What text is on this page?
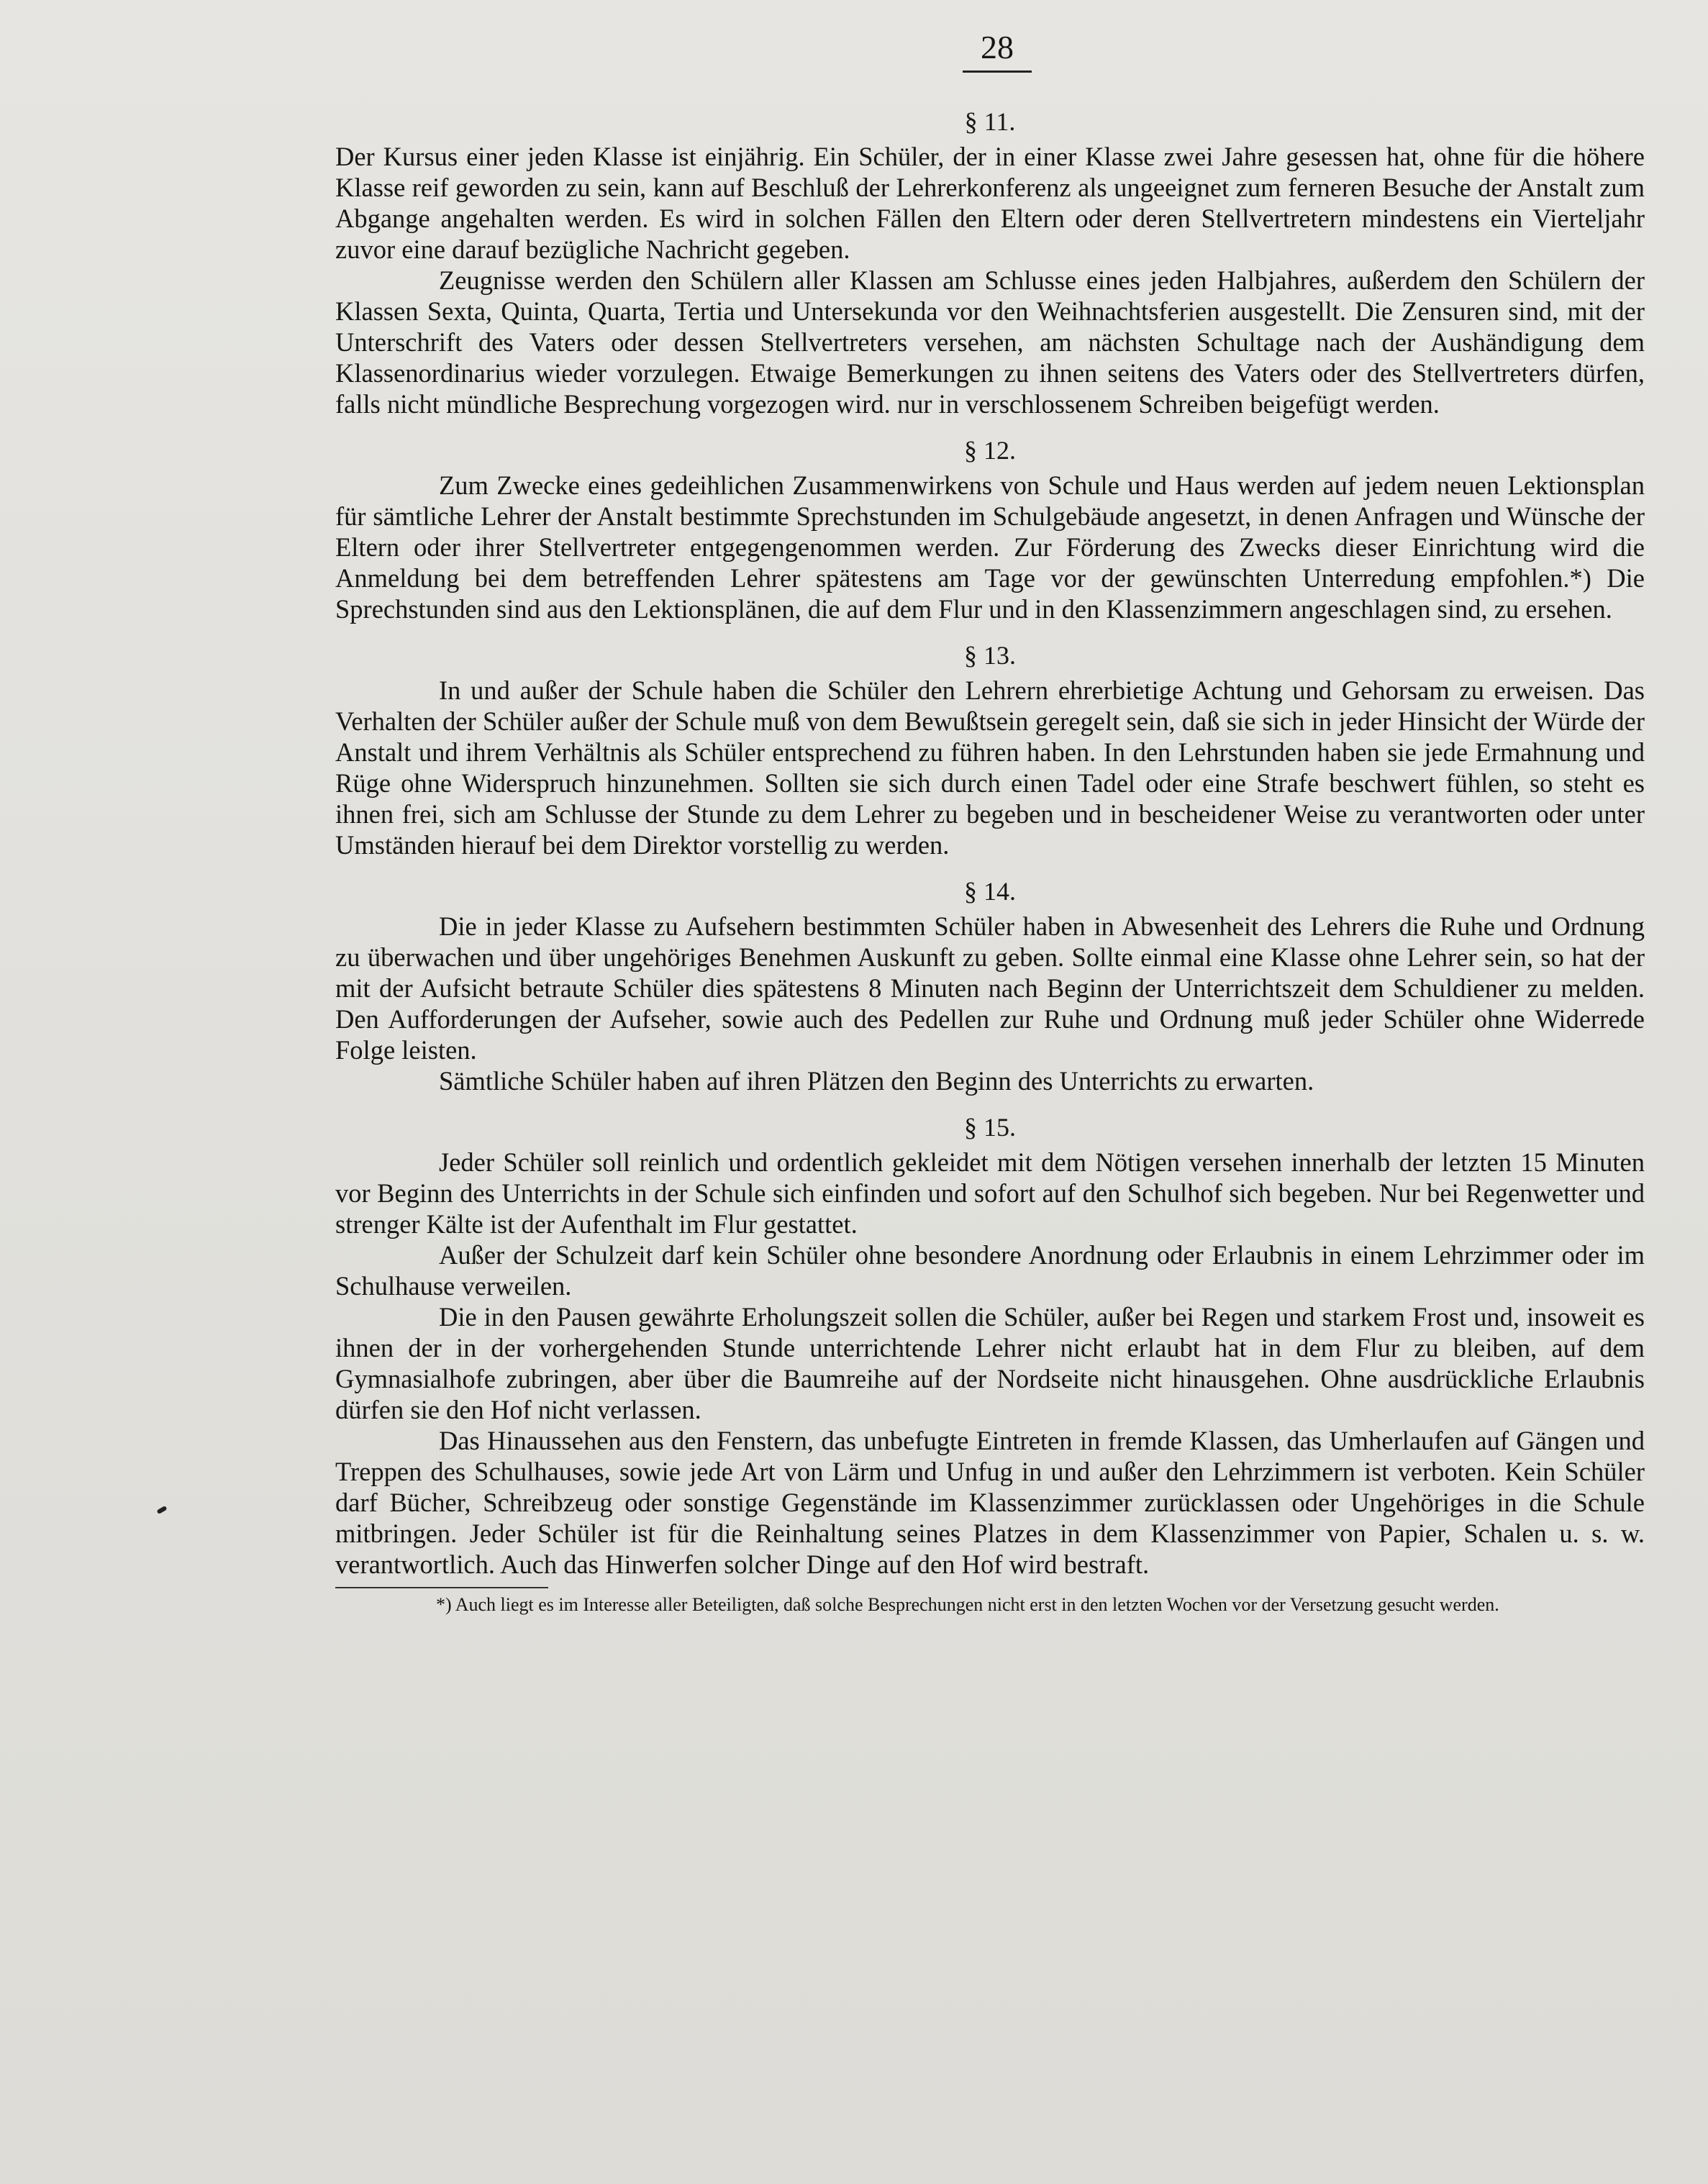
28
§ 11.

Der Kursus einer jeden Klasse ist einjährig. Ein Schüler, der in einer Klasse zwei Jahre gesessen hat, ohne für die höhere Klasse reif geworden zu sein, kann auf Beschluß der Lehrerkonferenz als ungeeignet zum ferneren Besuche der Anstalt zum Abgange angehalten werden. Es wird in solchen Fällen den Eltern oder deren Stellvertretern mindestens ein Vierteljahr zuvor eine darauf bezügliche Nachricht gegeben.

Zeugnisse werden den Schülern aller Klassen am Schlusse eines jeden Halbjahres, außerdem den Schülern der Klassen Sexta, Quinta, Quarta, Tertia und Untersekunda vor den Weihnachtsferien ausgestellt. Die Zensuren sind, mit der Unterschrift des Vaters oder dessen Stellvertreters versehen, am nächsten Schultage nach der Aushändigung dem Klassenordinarius wieder vorzulegen. Etwaige Bemerkungen zu ihnen seitens des Vaters oder des Stellvertreters dürfen, falls nicht mündliche Besprechung vorgezogen wird. nur in verschlossenem Schreiben beigefügt werden.

§ 12.

Zum Zwecke eines gedeihlichen Zusammenwirkens von Schule und Haus werden auf jedem neuen Lektionsplan für sämtliche Lehrer der Anstalt bestimmte Sprechstunden im Schulgebäude angesetzt, in denen Anfragen und Wünsche der Eltern oder ihrer Stellvertreter entgegengenommen werden. Zur Förderung des Zwecks dieser Einrichtung wird die Anmeldung bei dem betreffenden Lehrer spätestens am Tage vor der gewünschten Unterredung empfohlen.*) Die Sprechstunden sind aus den Lektionsplänen, die auf dem Flur und in den Klassenzimmern angeschlagen sind, zu ersehen.

§ 13.

In und außer der Schule haben die Schüler den Lehrern ehrerbietige Achtung und Gehorsam zu erweisen. Das Verhalten der Schüler außer der Schule muß von dem Bewußtsein geregelt sein, daß sie sich in jeder Hinsicht der Würde der Anstalt und ihrem Verhältnis als Schüler entsprechend zu führen haben. In den Lehrstunden haben sie jede Ermahnung und Rüge ohne Widerspruch hinzunehmen. Sollten sie sich durch einen Tadel oder eine Strafe beschwert fühlen, so steht es ihnen frei, sich am Schlusse der Stunde zu dem Lehrer zu begeben und in bescheidener Weise zu verantworten oder unter Umständen hierauf bei dem Direktor vorstellig zu werden.

§ 14.

Die in jeder Klasse zu Aufsehern bestimmten Schüler haben in Abwesenheit des Lehrers die Ruhe und Ordnung zu überwachen und über ungehöriges Benehmen Auskunft zu geben. Sollte einmal eine Klasse ohne Lehrer sein, so hat der mit der Aufsicht betraute Schüler dies spätestens 8 Minuten nach Beginn der Unterrichtszeit dem Schuldiener zu melden. Den Aufforderungen der Aufseher, sowie auch des Pedellen zur Ruhe und Ordnung muß jeder Schüler ohne Widerrede Folge leisten.

Sämtliche Schüler haben auf ihren Plätzen den Beginn des Unterrichts zu erwarten.

§ 15.

Jeder Schüler soll reinlich und ordentlich gekleidet mit dem Nötigen versehen innerhalb der letzten 15 Minuten vor Beginn des Unterrichts in der Schule sich einfinden und sofort auf den Schulhof sich begeben. Nur bei Regenwetter und strenger Kälte ist der Aufenthalt im Flur gestattet.

Außer der Schulzeit darf kein Schüler ohne besondere Anordnung oder Erlaubnis in einem Lehrzimmer oder im Schulhause verweilen.

Die in den Pausen gewährte Erholungszeit sollen die Schüler, außer bei Regen und starkem Frost und, insoweit es ihnen der in der vorhergehenden Stunde unterrichtende Lehrer nicht erlaubt hat in dem Flur zu bleiben, auf dem Gymnasialhofe zubringen, aber über die Baumreihe auf der Nordseite nicht hinausgehen. Ohne ausdrückliche Erlaubnis dürfen sie den Hof nicht verlassen.

Das Hinaussehen aus den Fenstern, das unbefugte Eintreten in fremde Klassen, das Umherlaufen auf Gängen und Treppen des Schulhauses, sowie jede Art von Lärm und Unfug in und außer den Lehrzimmern ist verboten. Kein Schüler darf Bücher, Schreibzeug oder sonstige Gegenstände im Klassenzimmer zurücklassen oder Ungehöriges in die Schule mitbringen. Jeder Schüler ist für die Reinhaltung seines Platzes in dem Klassenzimmer von Papier, Schalen u. s. w. verantwortlich. Auch das Hinwerfen solcher Dinge auf den Hof wird bestraft.

*) Auch liegt es im Interesse aller Beteiligten, daß solche Besprechungen nicht erst in den letzten Wochen vor der Versetzung gesucht werden.
